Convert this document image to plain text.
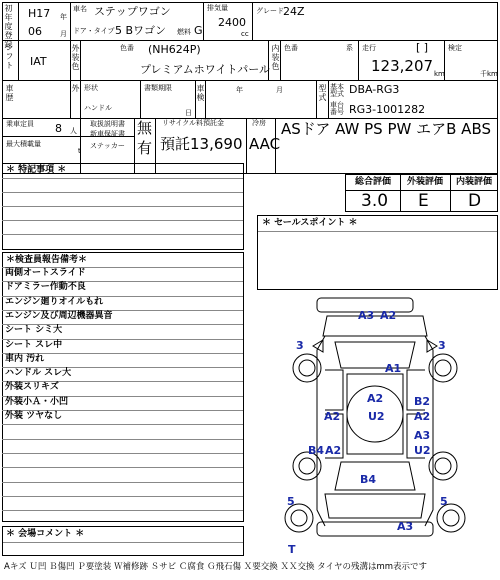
初年度登録 H17 年
06	月
車名 ステップワゴン
ドア・タイプ 5 Bワゴン 燃料 G
排気量
2400
cc
グレード 24Z
シフト IAT	外装色	色番 (NH624P)
プレミアムホワイトパール 内装色 色番	系 走行	[ ]
123,207 km
検定
千km
車歴	外 形状
ハンドル
書類期限
日
車検	年	月	型式 基本型式 DBA-RG3
車台番号 RG3-1001282
乗車定員 8 人
最大積載量
t
取扱説明書
新車保証書 無
ステッカー 有
リサイクル料預託金
預託13,690
冷房
AAC
ASドア AW PS PW エアB ABS
＊ 特記事項 ＊
総合評価 外装評価 内装評価
3.0 E D
＊ セールスポイント ＊
＊検査員報告備考＊
両側オートスライド
ドアミラー作動不良
エンジン廻りオイルもれ
エンジン及び周辺機器異音
シート シミ大
シート スレ中
車内 汚れ
ハンドル スレ大
外装スリキズ
外装小Ａ・小凹
外装 ツヤなし
A3 A2
3	3
A1
A2
A2
U2
B2
A2
A3
U2
B4 A2
B4
5	5
A3
T
＊ 会場コメント ＊
Aキズ Ｕ凹 Ｂ傷凹 Ｐ要塗装 Ｗ補修跡 Ｓサビ Ｃ腐食 Ｇ飛石傷 Ｘ要交換 ＸＸ交換 タイヤの残溝はmm表示です
